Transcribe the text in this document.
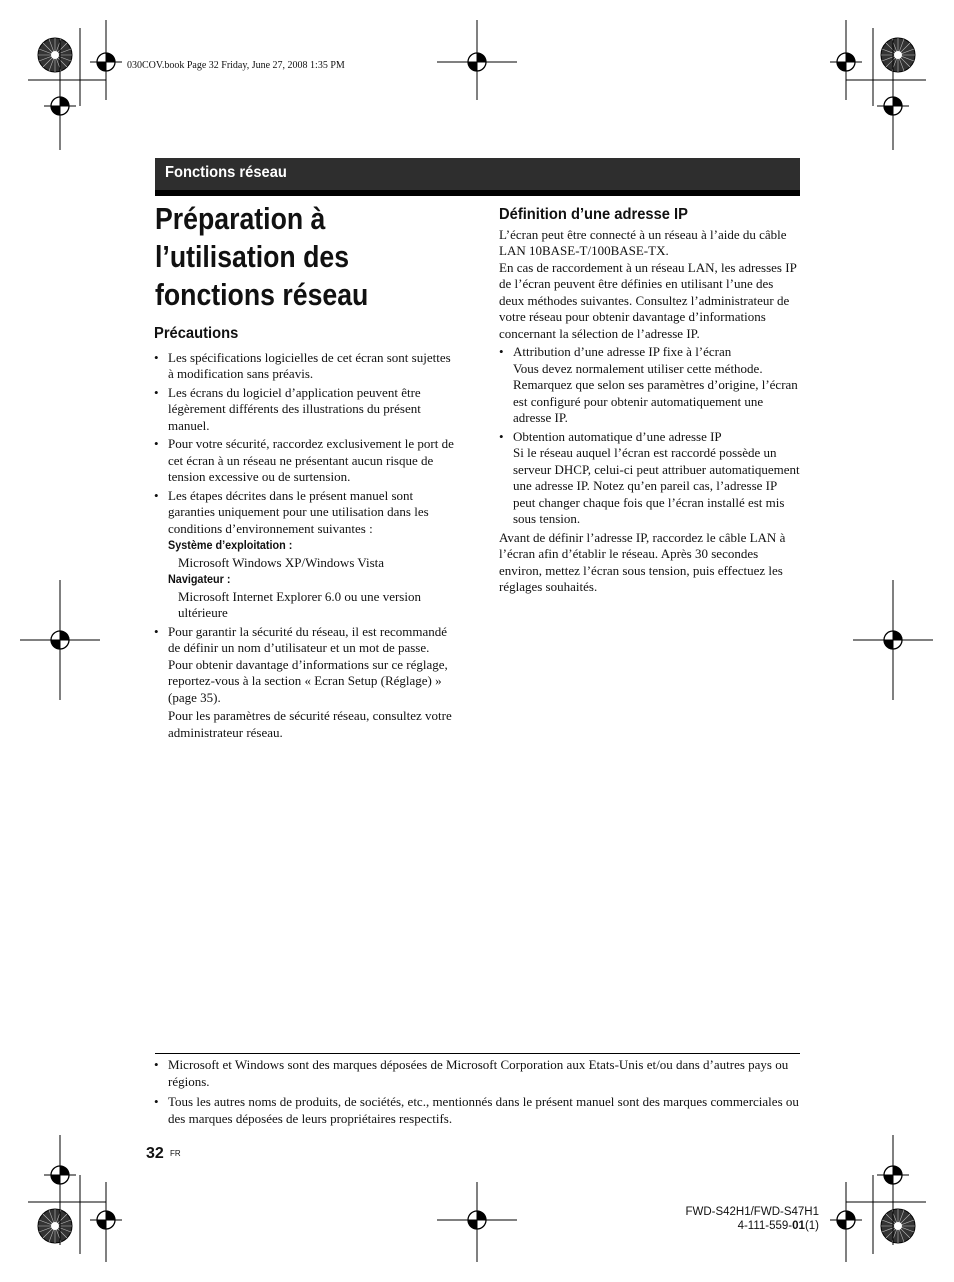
030COV.book Page 32 Friday, June 27, 2008 1:35 PM
Fonctions réseau
Préparation à
l’utilisation des
fonctions réseau
Précautions
• Les spécifications logicielles de cet écran sont sujettes à modification sans préavis.
• Les écrans du logiciel d’application peuvent être légèrement différents des illustrations du présent manuel.
• Pour votre sécurité, raccordez exclusivement le port de cet écran à un réseau ne présentant aucun risque de tension excessive ou de surtension.
• Les étapes décrites dans le présent manuel sont garanties uniquement pour une utilisation dans les conditions d’environnement suivantes :
Système d’exploitation :
Microsoft Windows XP/Windows Vista
Navigateur :
Microsoft Internet Explorer 6.0 ou une version ultérieure
• Pour garantir la sécurité du réseau, il est recommandé de définir un nom d’utilisateur et un mot de passe. Pour obtenir davantage d’informations sur ce réglage, reportez-vous à la section « Ecran Setup (Réglage) » (page 35).
Pour les paramètres de sécurité réseau, consultez votre administrateur réseau.
Définition d’une adresse IP
L’écran peut être connecté à un réseau à l’aide du câble LAN 10BASE-T/100BASE-TX.
En cas de raccordement à un réseau LAN, les adresses IP de l’écran peuvent être définies en utilisant l’une des deux méthodes suivantes. Consultez l’administrateur de votre réseau pour obtenir davantage d’informations concernant la sélection de l’adresse IP.
• Attribution d’une adresse IP fixe à l’écran
Vous devez normalement utiliser cette méthode. Remarquez que selon ses paramètres d’origine, l’écran est configuré pour obtenir automatiquement une adresse IP.
• Obtention automatique d’une adresse IP
Si le réseau auquel l’écran est raccordé possède un serveur DHCP, celui-ci peut attribuer automatiquement une adresse IP. Notez qu’en pareil cas, l’adresse IP peut changer chaque fois que l’écran installé est mis sous tension.
Avant de définir l’adresse IP, raccordez le câble LAN à l’écran afin d’établir le réseau. Après 30 secondes environ, mettez l’écran sous tension, puis effectuez les réglages souhaités.
• Microsoft et Windows sont des marques déposées de Microsoft Corporation aux Etats-Unis et/ou dans d’autres pays ou régions.
• Tous les autres noms de produits, de sociétés, etc., mentionnés dans le présent manuel sont des marques commerciales ou des marques déposées de leurs propriétaires respectifs.
32 FR
FWD-S42H1/FWD-S47H1
4-111-559-01(1)
